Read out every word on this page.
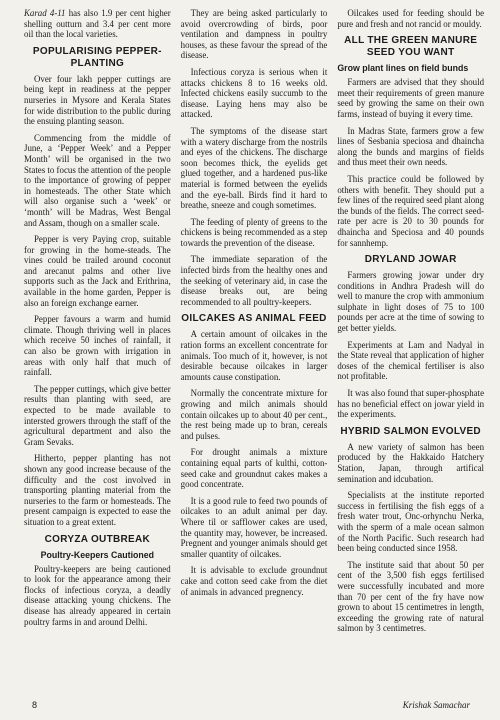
Karad 4-11 has also 1.9 per cent higher shelling outturn and 3.4 per cent more oil than the local varieties.

POPULARISING PEPPER-PLANTING

Over four lakh pepper cuttings are being kept in readiness at the pepper nurseries in Mysore and Kerala States for wide distribution to the public during the ensuing planting season.

Commencing from the middle of June, a ‘Pepper Week’ and a Pepper Month’ will be organised in the two States to focus the attention of the people to the importance of growing of pepper in homesteads. The other State which will also organise such a ‘week’ or ‘month’ will be Madras, West Bengal and Assam, though on a smaller scale.

Pepper is very Paying crop, suitable for growing in the home-steads. The vines could be trailed around coconut and arecanut palms and other live supports such as the Jack and Erithrina, available in the home garden, Pepper is also an foreign exchange earner.

Pepper favours a warm and humid climate. Though thriving well in places which receive 50 inches of rainfall, it can also be grown with irrigation in areas with only half that much of rainfall.

The pepper cuttings, which give better results than planting with seed, are expected to be made available to intersted growers through the staff of the agricultural department and also the Gram Sevaks.

Hitherto, pepper planting has not shown any good increase because of the difficulty and the cost involved in transporting planting material from the nurseries to the farm or homesteads. The present campaign is expected to ease the situation to a great extent.

CORYZA OUTBREAK
Poultry-Keepers Cautioned

Poultry-keepers are being cautioned to look for the appearance among their flocks of infectious coryza, a deadly disease attacking young chickens. The disease has already appeared in certain poultry farms in and around Delhi.

They are being asked particularly to avoid overcrowding of birds, poor ventilation and dampness in poultry houses, as these favour the spread of the disease.

Infectious coryza is serious when it attacks chickens 8 to 16 weeks old. Infected chickens easily succumb to the disease. Laying hens may also be attacked.

The symptoms of the disease start with a watery discharge from the nostrils and eyes of the chickens. The discharge soon becomes thick, the eyelids get glued together, and a hardened pus-like material is formed between the eyelids and the eye-ball. Birds find it hard to breathe, sneeze and cough sometimes.

The feeding of plenty of greens to the chickens is being recommended as a step towards the prevention of the disease.

The immediate separation of the infected birds from the healthy ones and the seeking of veterinary aid, in case the disease breaks out, are being recommended to all poultry-keepers.

OILCAKES AS ANIMAL FEED

A certain amount of oilcakes in the ration forms an excellent concentrate for animals. Too much of it, however, is not desirable because oilcakes in larger amounts cause constipation.

Normally the concentrate mixture for growing and milch animals should contain oilcakes up to about 40 per cent., the rest being made up to bran, cereals and pulses.

For drought animals a mixture containing equal parts of kulthi, cotton-seed cake and groundnut cakes makes a good concentrate.

It is a good rule to feed two pounds of oilcakes to an adult animal per day. Where til or safflower cakes are used, the quantity may, however, be increased. Pregnent and younger animals should get smaller quantity of oilcakes.

It is advisable to exclude groundnut cake and cotton seed cake from the diet of animals in advanced pregnency.

Oilcakes used for feeding should be pure and fresh and not rancid or mouldy.

ALL THE GREEN MANURE SEED YOU WANT
Grow plant lines on field bunds

Farmers are advised that they should meet their requirements of green manure seed by growing the same on their own farms, instead of buying it every time.

In Madras State, farmers grow a few lines of Sesbania speciosa and dhaincha along the bunds and margins of fields and thus meet their own needs.

This practice could be followed by others with benefit. They should put a few lines of the required seed plant along the bunds of the fields. The correct seed-rate per acre is 20 to 30 pounds for dhaincha and Speciosa and 40 pounds for sannhemp.

DRYLAND JOWAR

Farmers growing jowar under dry conditions in Andhra Pradesh will do well to manure the crop with ammonium sulphate in light doses of 75 to 100 pounds per acre at the time of sowing to get better yields.

Experiments at Lam and Nadyal in the State reveal that application of higher doses of the chemical fertiliser is also not profitable.

It was also found that super-phosphate has no beneficial effect on jowar yield in the experiments.

HYBRID SALMON EVOLVED

A new variety of salmon has been produced by the Hakkaido Hatchery Station, Japan, through artifical semination and idcubation.

Specialists at the institute reported success in fertilising the fish eggs of a fresh water trout, Onc-orhynchu Nerka, with the sperm of a male ocean salmon of the North Pacific. Such research had been being conducted since 1958.

The institute said that about 50 per cent of the 3,500 fish eggs fertilised were successfully incubated and more than 70 per cent of the fry have now grown to about 15 centimetres in length, exceeding the growing rate of natural salmon by 3 centimetres.

8	Krishak Samachar
